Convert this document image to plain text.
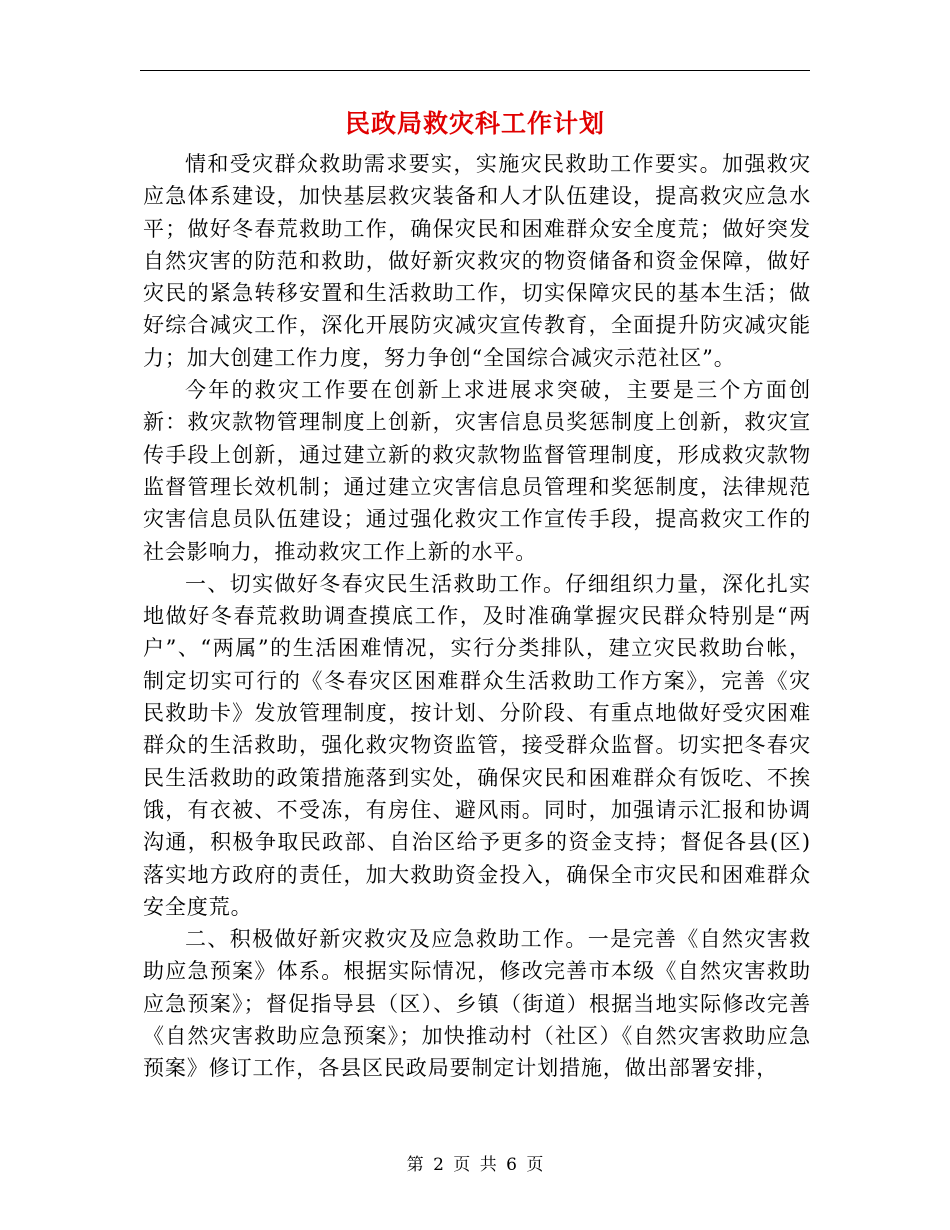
民政局救灾科工作计划

情和受灾群众救助需求要实，实施灾民救助工作要实。加强救灾应急体系建设，加快基层救灾装备和人才队伍建设，提高救灾应急水平；做好冬春荒救助工作，确保灾民和困难群众安全度荒；做好突发自然灾害的防范和救助，做好新灾救灾的物资储备和资金保障，做好灾民的紧急转移安置和生活救助工作，切实保障灾民的基本生活；做好综合减灾工作，深化开展防灾减灾宣传教育，全面提升防灾减灾能力；加大创建工作力度，努力争创“全国综合减灾示范社区”。

今年的救灾工作要在创新上求进展求突破，主要是三个方面创新：救灾款物管理制度上创新，灾害信息员奖惩制度上创新，救灾宣传手段上创新，通过建立新的救灾款物监督管理制度，形成救灾款物监督管理长效机制；通过建立灾害信息员管理和奖惩制度，法律规范灾害信息员队伍建设；通过强化救灾工作宣传手段，提高救灾工作的社会影响力，推动救灾工作上新的水平。

一、切实做好冬春灾民生活救助工作。仔细组织力量，深化扎实地做好冬春荒救助调查摸底工作，及时准确掌握灾民群众特别是“两户”、“两属”的生活困难情况，实行分类排队，建立灾民救助台帐，制定切实可行的《冬春灾区困难群众生活救助工作方案》，完善《灾民救助卡》发放管理制度，按计划、分阶段、有重点地做好受灾困难群众的生活救助，强化救灾物资监管，接受群众监督。切实把冬春灾民生活救助的政策措施落到实处，确保灾民和困难群众有饭吃、不挨饿，有衣被、不受冻，有房住、避风雨。同时，加强请示汇报和协调沟通，积极争取民政部、自治区给予更多的资金支持；督促各县(区)落实地方政府的责任，加大救助资金投入，确保全市灾民和困难群众安全度荒。

二、积极做好新灾救灾及应急救助工作。一是完善《自然灾害救助应急预案》体系。根据实际情况，修改完善市本级《自然灾害救助应急预案》；督促指导县（区）、乡镇（街道）根据当地实际修改完善《自然灾害救助应急预案》；加快推动村（社区）《自然灾害救助应急预案》修订工作，各县区民政局要制定计划措施，做出部署安排，

第 2 页 共 6 页
